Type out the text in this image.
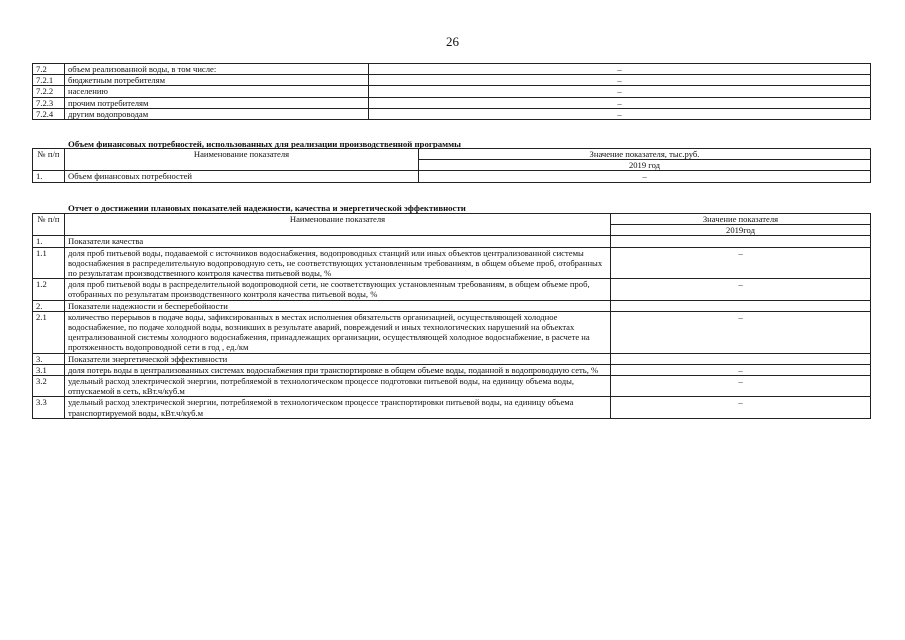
26
7.2	объем реализованной воды, в том числе:	–
7.2.1	бюджетным потребителям	–
7.2.2	населению	–
7.2.3	прочим потребителям	–
7.2.4	другим водопроводам	–
Объем финансовых потребностей, использованных для реализации производственной программы
№ п/п	Наименование показателя	Значение показателя, тыс.руб.
		2019 год
1.	Объем финансовых потребностей	–
Отчет о достижении плановых показателей надежности, качества и энергетической эффективности
№ п/п	Наименование показателя	Значение показателя
		2019год
1.	Показатели качества	
1.1	доля проб питьевой воды, подаваемой с источников водоснабжения, водопроводных станций или иных объектов централизованной системы водоснабжения в распределительную водопроводную сеть, не соответствующих установленным требованиям, в общем объеме проб, отобранных по результатам производственного контроля качества питьевой воды, %	–
1.2	доля проб питьевой воды в распределительной водопроводной сети, не соответствующих установленным требованиям, в общем объеме проб, отобранных по результатам производственного контроля качества питьевой воды, %	–
2.	Показатели надежности и бесперебойности	
2.1	количество перерывов в подаче воды, зафиксированных в местах исполнения обязательств организацией, осуществляющей холодное водоснабжение, по подаче холодной воды, возникших в результате аварий, повреждений и иных технологических нарушений на объектах централизованной системы холодного водоснабжения, принадлежащих организации, осуществляющей холодное водоснабжение, в расчете на протяженность водопроводной сети в год , ед./км	–
3.	Показатели энергетической эффективности	
3.1	доля потерь воды в централизованных системах водоснабжения при транспортировке в общем объеме воды, поданной в водопроводную сеть, %	–
3.2	удельный расход электрической энергии, потребляемой в технологическом процессе подготовки питьевой воды, на единицу объема воды, отпускаемой в сеть, кВт.ч/куб.м	–
3.3	удельный расход электрической энергии, потребляемой в технологическом процессе транспортировки питьевой воды, на единицу объема транспортируемой воды, кВт.ч/куб.м	–
